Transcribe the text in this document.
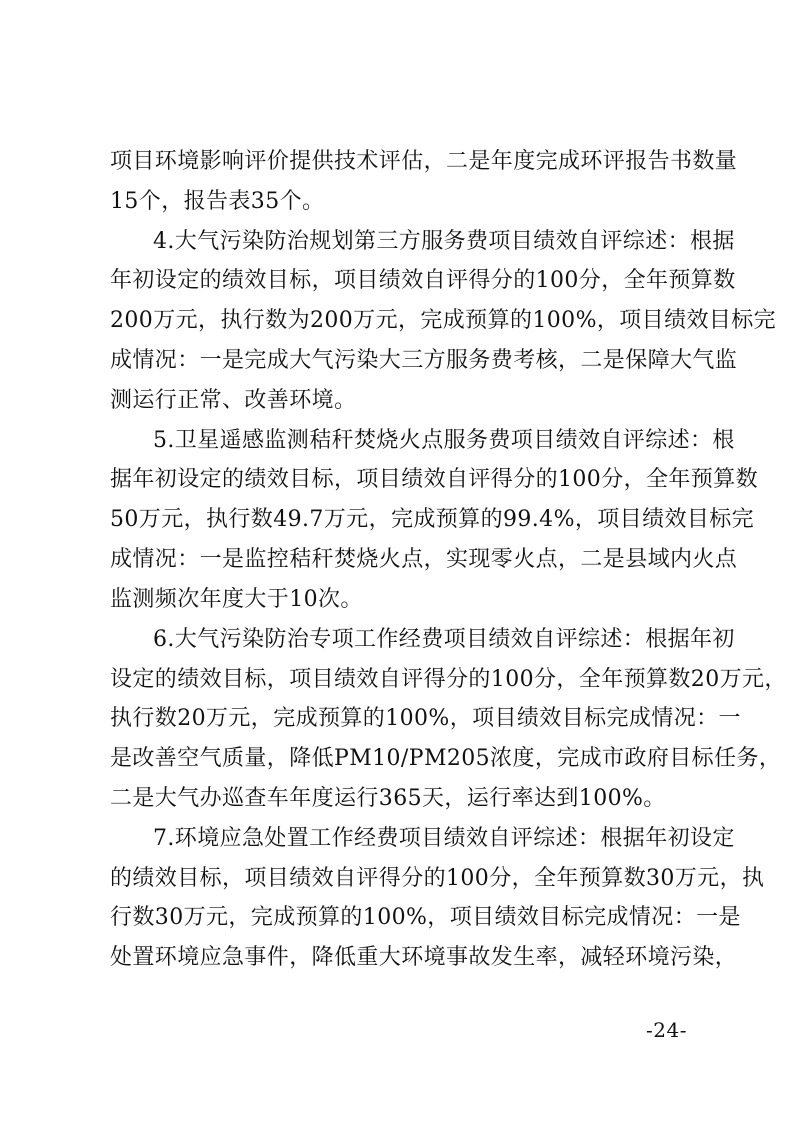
项目环境影响评价提供技术评估，二是年度完成环评报告书数量
15个，报告表35个。
4.大气污染防治规划第三方服务费项目绩效自评综述：根据
年初设定的绩效目标，项目绩效自评得分的100分，全年预算数
200万元，执行数为200万元，完成预算的100%，项目绩效目标完
成情况：一是完成大气污染大三方服务费考核，二是保障大气监
测运行正常、改善环境。
5.卫星遥感监测秸秆焚烧火点服务费项目绩效自评综述：根
据年初设定的绩效目标，项目绩效自评得分的100分，全年预算数
50万元，执行数49.7万元，完成预算的99.4%，项目绩效目标完
成情况：一是监控秸秆焚烧火点，实现零火点，二是县域内火点
监测频次年度大于10次。
6.大气污染防治专项工作经费项目绩效自评综述：根据年初
设定的绩效目标，项目绩效自评得分的100分，全年预算数20万元，
执行数20万元，完成预算的100%，项目绩效目标完成情况：一
是改善空气质量，降低PM10/PM205浓度，完成市政府目标任务，
二是大气办巡查车年度运行365天，运行率达到100%。
7.环境应急处置工作经费项目绩效自评综述：根据年初设定
的绩效目标，项目绩效自评得分的100分，全年预算数30万元，执
行数30万元，完成预算的100%，项目绩效目标完成情况：一是
处置环境应急事件，降低重大环境事故发生率，减轻环境污染，
-24-
